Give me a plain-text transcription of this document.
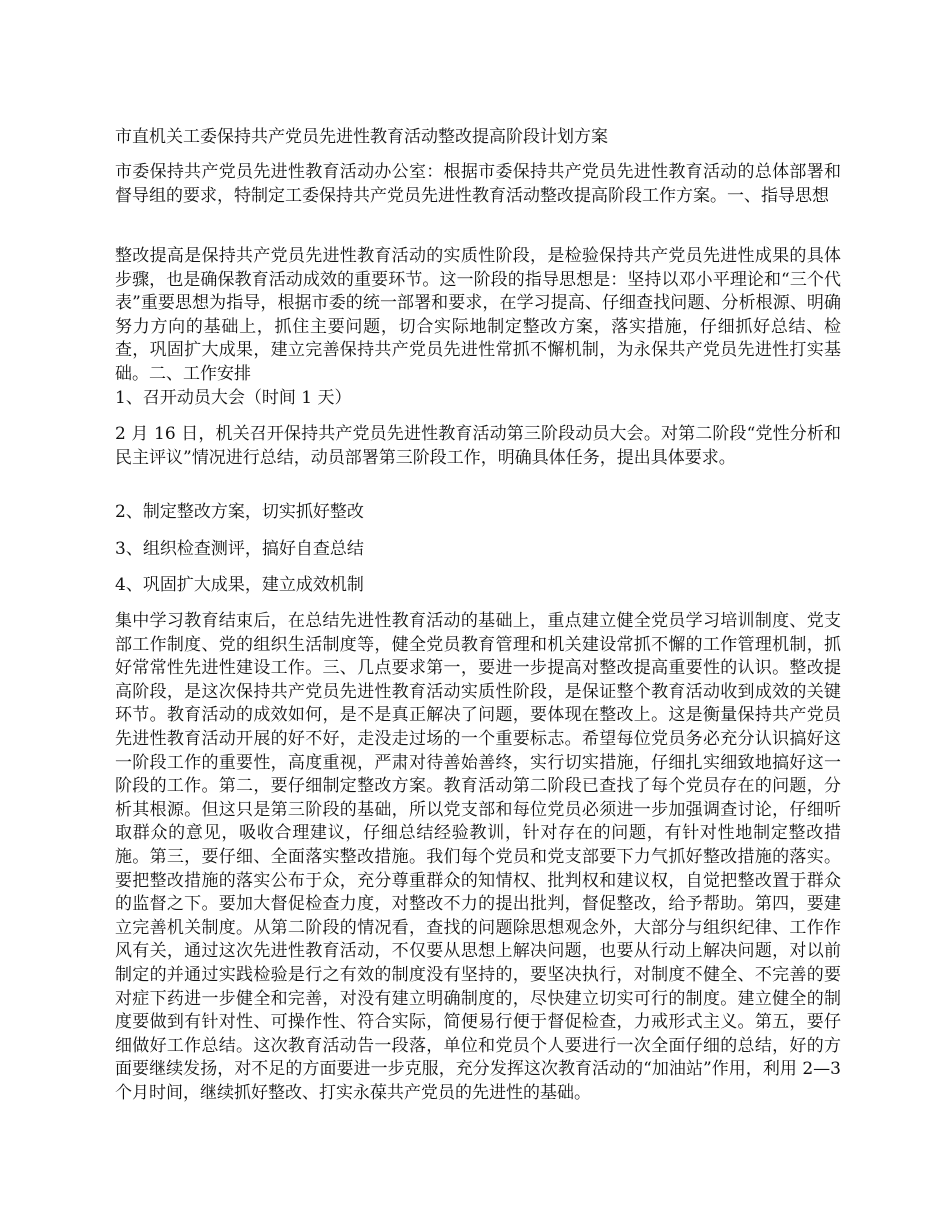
市直机关工委保持共产党员先进性教育活动整改提高阶段计划方案

市委保持共产党员先进性教育活动办公室：根据市委保持共产党员先进性教育活动的总体部署和督导组的要求，特制定工委保持共产党员先进性教育活动整改提高阶段工作方案。一、指导思想

整改提高是保持共产党员先进性教育活动的实质性阶段，是检验保持共产党员先进性成果的具体步骤，也是确保教育活动成效的重要环节。这一阶段的指导思想是：坚持以邓小平理论和“三个代表”重要思想为指导，根据市委的统一部署和要求，在学习提高、仔细查找问题、分析根源、明确努力方向的基础上，抓住主要问题，切合实际地制定整改方案，落实措施，仔细抓好总结、检查，巩固扩大成果，建立完善保持共产党员先进性常抓不懈机制，为永保共产党员先进性打实基础。二、工作安排

1、召开动员大会（时间 1 天）

2 月 16 日，机关召开保持共产党员先进性教育活动第三阶段动员大会。对第二阶段“党性分析和民主评议”情况进行总结，动员部署第三阶段工作，明确具体任务，提出具体要求。

2、制定整改方案，切实抓好整改

3、组织检查测评，搞好自查总结

4、巩固扩大成果，建立成效机制

集中学习教育结束后，在总结先进性教育活动的基础上，重点建立健全党员学习培训制度、党支部工作制度、党的组织生活制度等，健全党员教育管理和机关建设常抓不懈的工作管理机制，抓好常常性先进性建设工作。三、几点要求第一，要进一步提高对整改提高重要性的认识。整改提高阶段，是这次保持共产党员先进性教育活动实质性阶段，是保证整个教育活动收到成效的关键环节。教育活动的成效如何，是不是真正解决了问题，要体现在整改上。这是衡量保持共产党员先进性教育活动开展的好不好，走没走过场的一个重要标志。希望每位党员务必充分认识搞好这一阶段工作的重要性，高度重视，严肃对待善始善终，实行切实措施，仔细扎实细致地搞好这一阶段的工作。第二，要仔细制定整改方案。教育活动第二阶段已查找了每个党员存在的问题，分析其根源。但这只是第三阶段的基础，所以党支部和每位党员必须进一步加强调查讨论，仔细听取群众的意见，吸收合理建议，仔细总结经验教训，针对存在的问题，有针对性地制定整改措施。第三，要仔细、全面落实整改措施。我们每个党员和党支部要下力气抓好整改措施的落实。要把整改措施的落实公布于众，充分尊重群众的知情权、批判权和建议权，自觉把整改置于群众的监督之下。要加大督促检查力度，对整改不力的提出批判，督促整改，给予帮助。第四，要建立完善机关制度。从第二阶段的情况看，查找的问题除思想观念外，大部分与组织纪律、工作作风有关，通过这次先进性教育活动，不仅要从思想上解决问题，也要从行动上解决问题，对以前制定的并通过实践检验是行之有效的制度没有坚持的，要坚决执行，对制度不健全、不完善的要对症下药进一步健全和完善，对没有建立明确制度的，尽快建立切实可行的制度。建立健全的制度要做到有针对性、可操作性、符合实际，简便易行便于督促检查，力戒形式主义。第五，要仔细做好工作总结。这次教育活动告一段落，单位和党员个人要进行一次全面仔细的总结，好的方面要继续发扬，对不足的方面要进一步克服，充分发挥这次教育活动的“加油站”作用，利用 2—3 个月时间，继续抓好整改、打实永葆共产党员的先进性的基础。
